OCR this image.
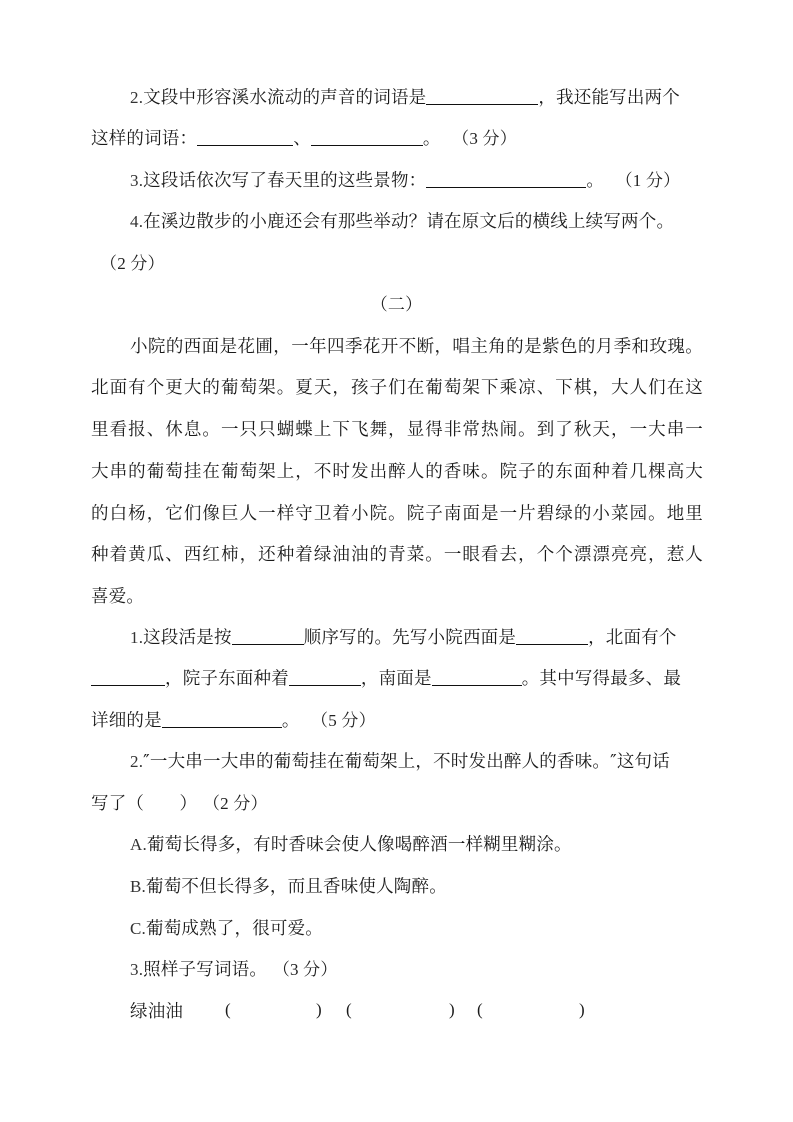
2.文段中形容溪水流动的声音的词语是	，我还能写出两个
这样的词语：	、	。 （3 分）
3.这段话依次写了春天里的这些景物：	。 （1 分）
4.在溪边散步的小鹿还会有那些举动？请在原文后的横线上续写两个。
（2 分）
（二）
小院的西面是花圃，一年四季花开不断，唱主角的是紫色的月季和玫瑰。
北面有个更大的葡萄架。夏天，孩子们在葡萄架下乘凉、下棋，大人们在这
里看报、休息。一只只蝴蝶上下飞舞，显得非常热闹。到了秋天，一大串一
大串的葡萄挂在葡萄架上，不时发出醉人的香味。院子的东面种着几棵高大
的白杨，它们像巨人一样守卫着小院。院子南面是一片碧绿的小菜园。地里
种着黄瓜、西红柿，还种着绿油油的青菜。一眼看去，个个漂漂亮亮，惹人
喜爱。
1.这段活是按	顺序写的。先写小院西面是	，北面有个
，院子东面种着	，南面是	。其中写得最多、最
详细的是	。 （5 分）
2.″一大串一大串的葡萄挂在葡萄架上，不时发出醉人的香味。″这句话
写了（　　） （2 分）
A.葡萄长得多，有时香味会使人像喝醉酒一样糊里糊涂。
B.葡萄不但长得多，而且香味使人陶醉。
C.葡萄成熟了，很可爱。
3.照样子写词语。 （3 分）
绿油油	(	) (	) (	)
